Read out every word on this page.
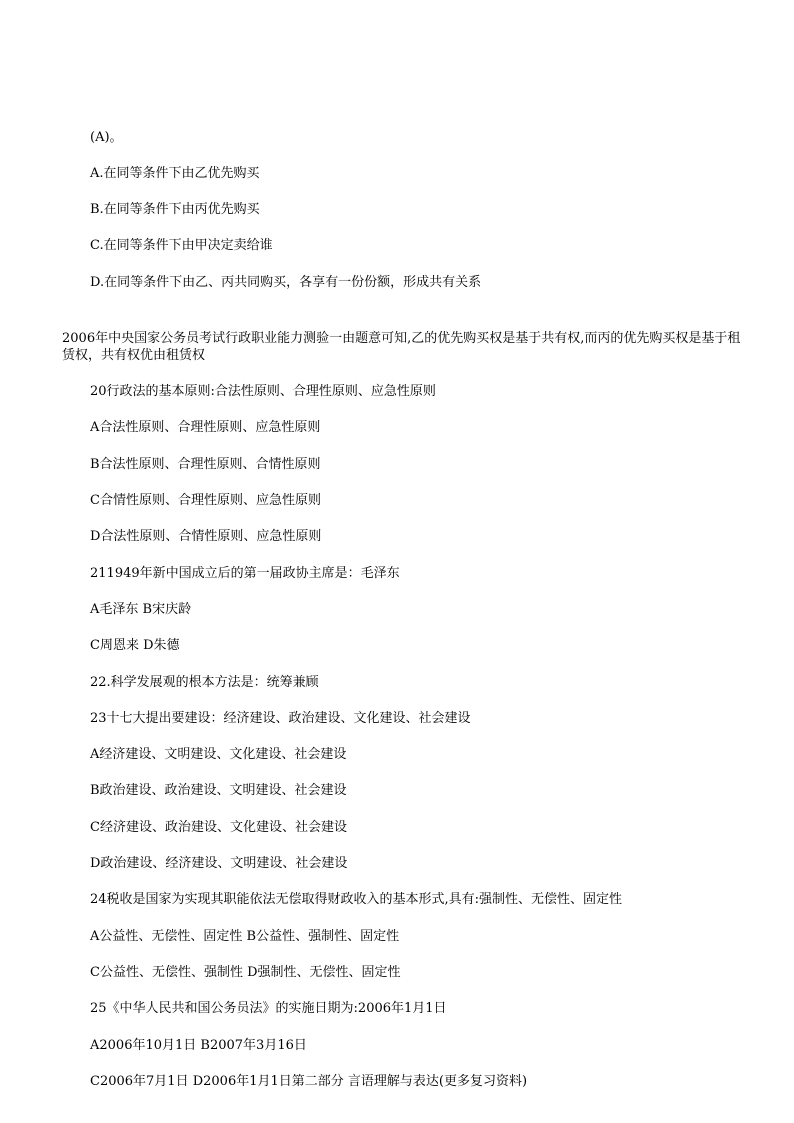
(A)。
A.在同等条件下由乙优先购买
B.在同等条件下由丙优先购买
C.在同等条件下由甲决定卖给谁
D.在同等条件下由乙、丙共同购买，各享有一份份额，形成共有关系
2006年中央国家公务员考试行政职业能力测验一由题意可知,乙的优先购买权是基于共有权,而丙的优先购买权是基于租赁权，共有权优由租赁权
20行政法的基本原则:合法性原则、合理性原则、应急性原则
A合法性原则、合理性原则、应急性原则
B合法性原则、合理性原则、合情性原则
C合情性原则、合理性原则、应急性原则
D合法性原则、合情性原则、应急性原则
211949年新中国成立后的第一届政协主席是：毛泽东
A毛泽东 B宋庆龄
C周恩来 D朱德
22.科学发展观的根本方法是：统筹兼顾
23十七大提出要建设：经济建设、政治建设、文化建设、社会建设
A经济建设、文明建设、文化建设、社会建设
B政治建设、政治建设、文明建设、社会建设
C经济建设、政治建设、文化建设、社会建设
D政治建设、经济建设、文明建设、社会建设
24税收是国家为实现其职能依法无偿取得财政收入的基本形式,具有:强制性、无偿性、固定性
A公益性、无偿性、固定性 B公益性、强制性、固定性
C公益性、无偿性、强制性 D强制性、无偿性、固定性
25《中华人民共和国公务员法》的实施日期为:2006年1月1日
A2006年10月1日 B2007年3月16日
C2006年7月1日 D2006年1月1日第二部分 言语理解与表达(更多复习资料)
